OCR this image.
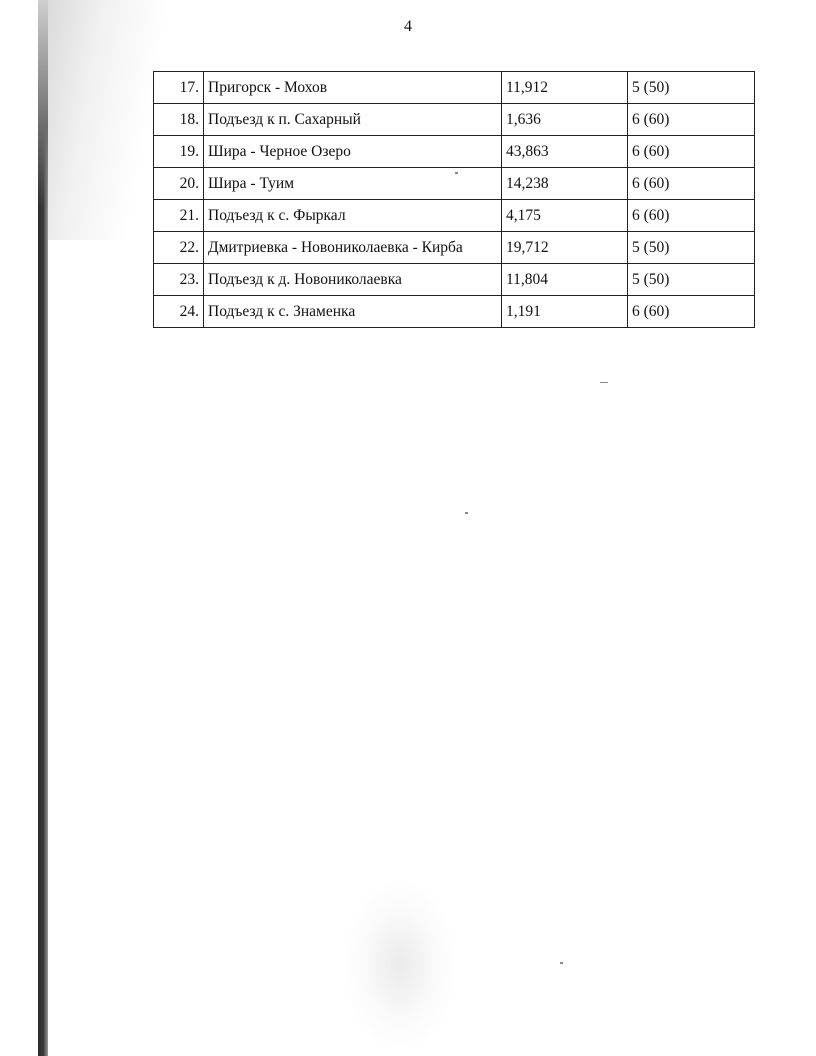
4
17.	Пригорск - Мохов	11,912	5 (50)
18.	Подъезд к п. Сахарный	1,636	6 (60)
19.	Шира - Черное Озеро	43,863	6 (60)
20.	Шира - Туим	14,238	6 (60)
21.	Подъезд к с. Фыркал	4,175	6 (60)
22.	Дмитриевка - Новониколаевка - Кирба	19,712	5 (50)
23.	Подъезд к д. Новониколаевка	11,804	5 (50)
24.	Подъезд к с. Знаменка	1,191	6 (60)
